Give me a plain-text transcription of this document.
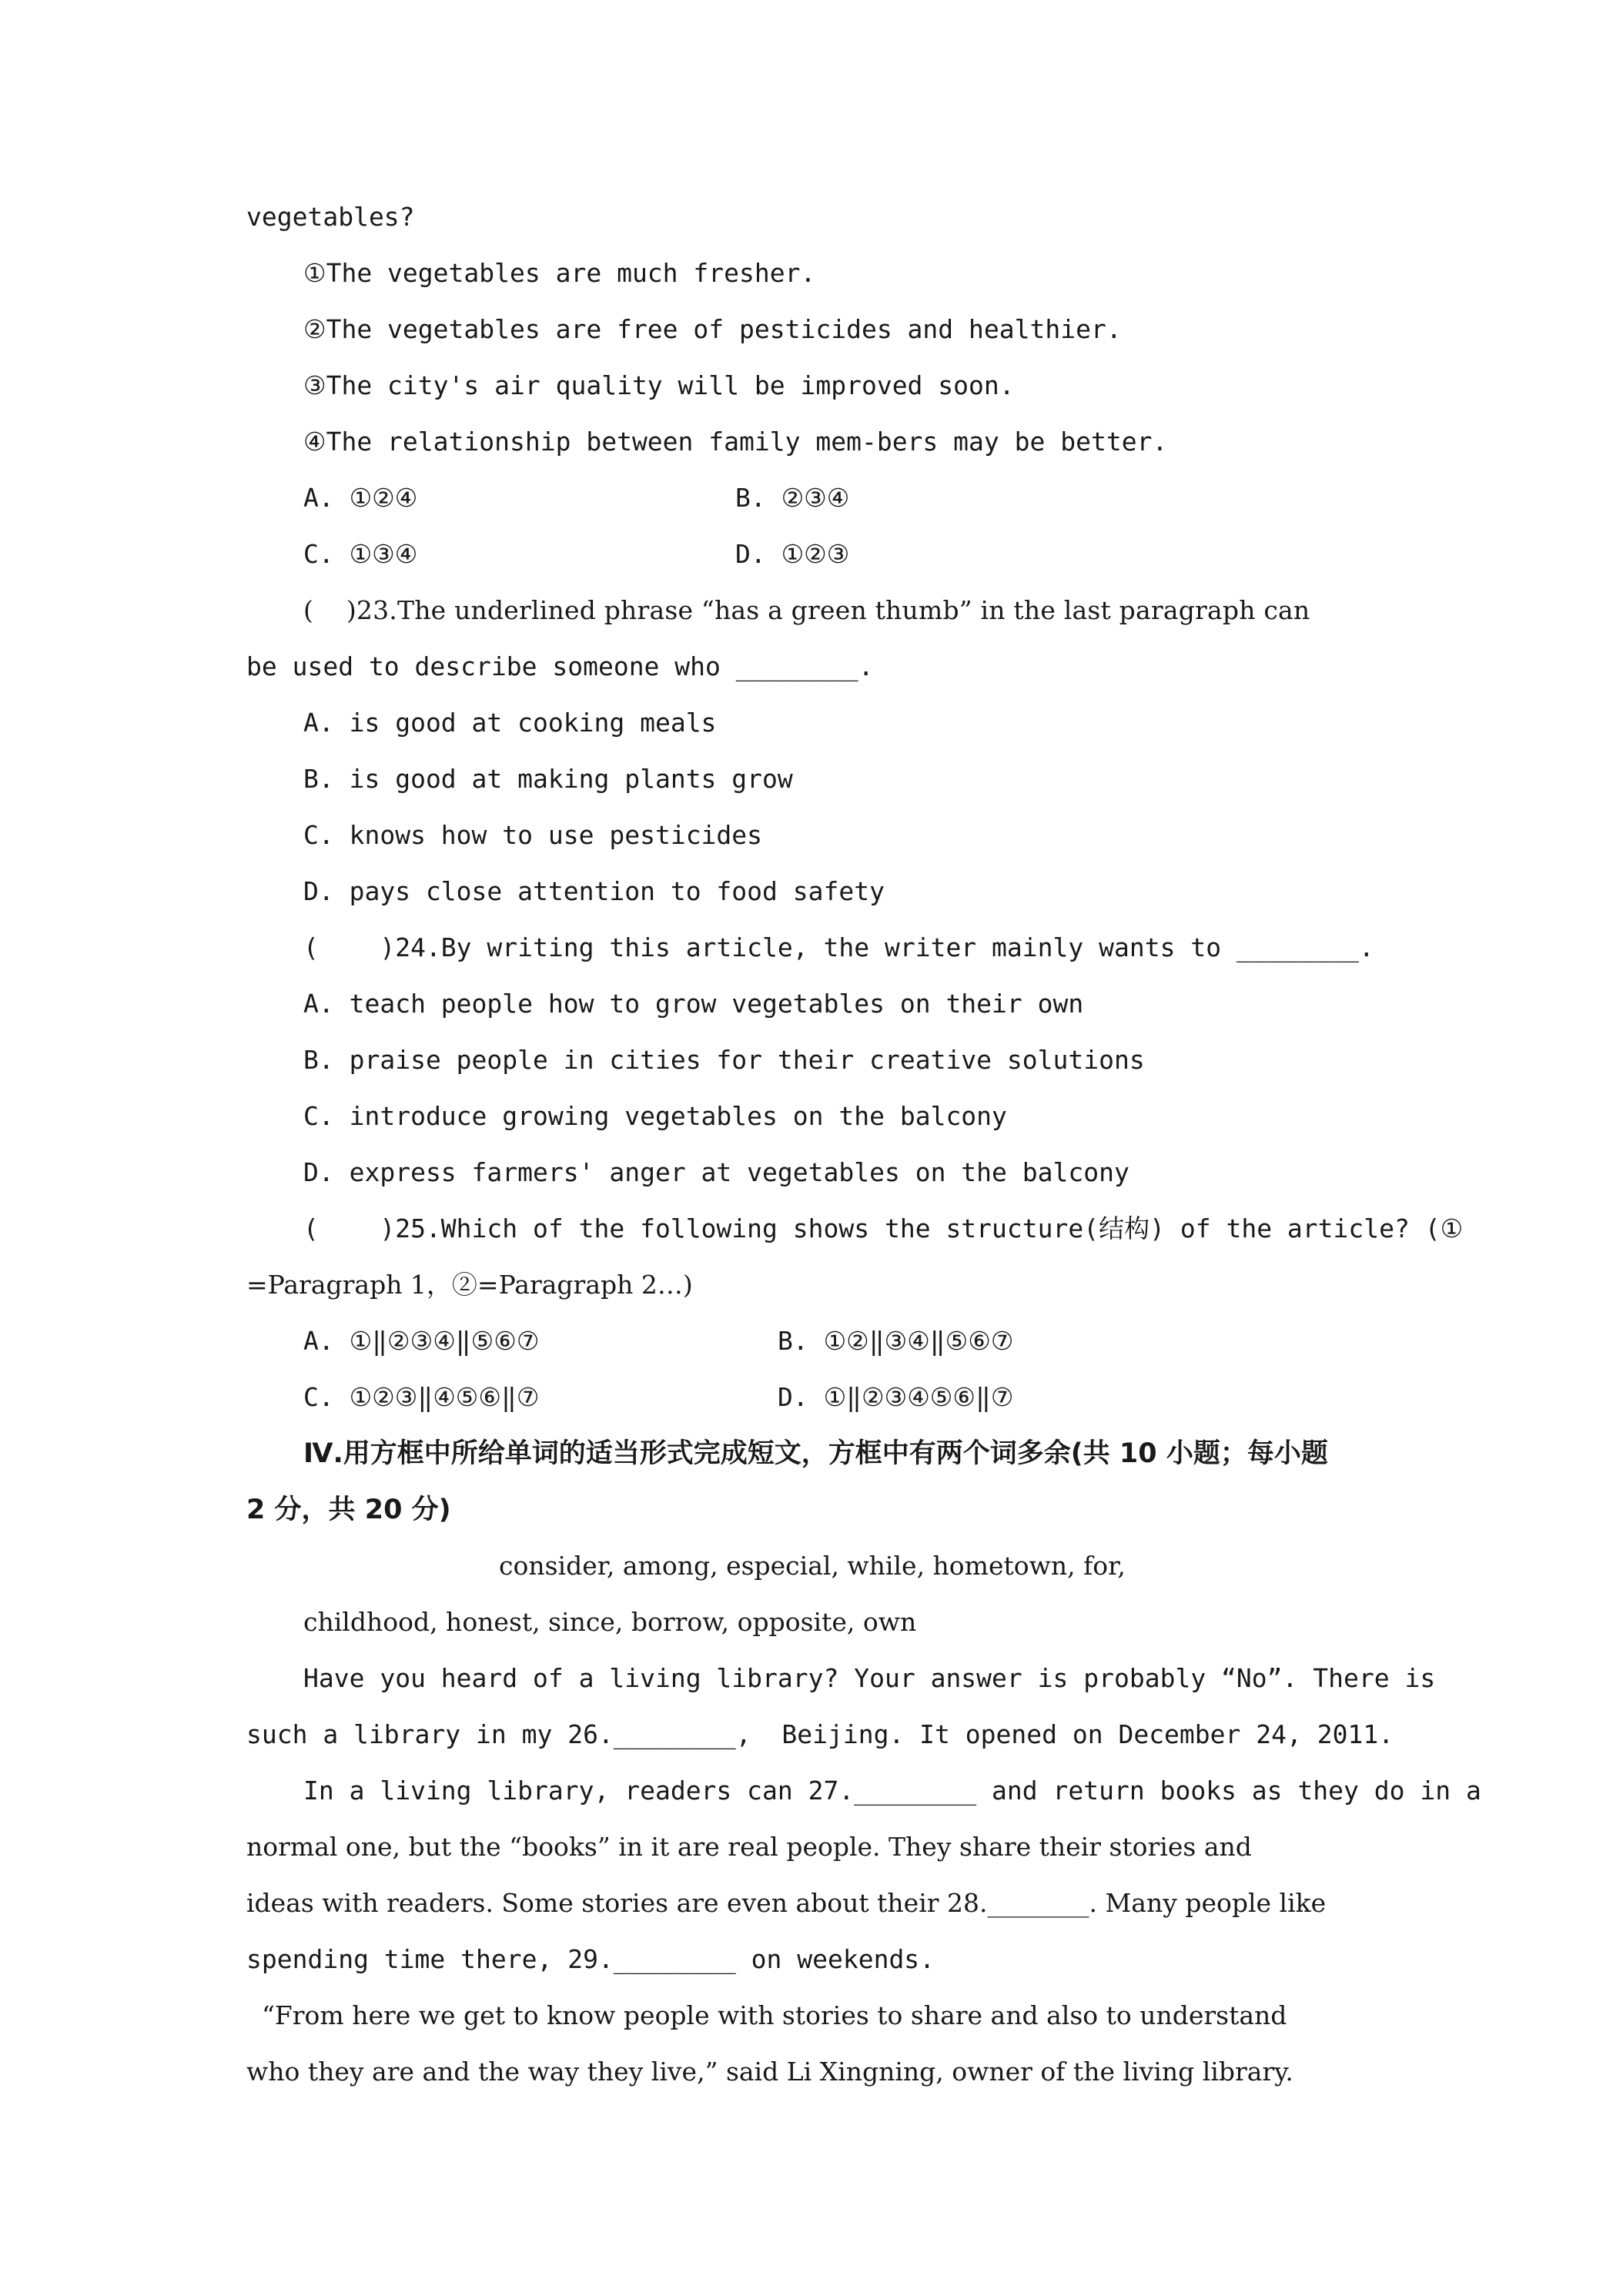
vegetables?
①The vegetables are much fresher.
②The vegetables are free of pesticides and healthier.
③The city's air quality will be improved soon.
④The relationship between family mem-bers may be better.
A. ①②④	B. ②③④
C. ①③④	D. ①②③
(    )23.The underlined phrase “has a green thumb” in the last paragraph can
be used to describe someone who ________.
A. is good at cooking meals
B. is good at making plants grow
C. knows how to use pesticides
D. pays close attention to food safety
(    )24.By writing this article, the writer mainly wants to ________.
A. teach people how to grow vegetables on their own
B. praise people in cities for their creative solutions
C. introduce growing vegetables on the balcony
D. express farmers' anger at vegetables on the balcony
(    )25.Which of the following shows the structure(结构) of the article? (①
=Paragraph 1，②=Paragraph 2…)
A. ①‖②③④‖⑤⑥⑦	B. ①②‖③④‖⑤⑥⑦
C. ①②③‖④⑤⑥‖⑦	D. ①‖②③④⑤⑥‖⑦
Ⅳ.用方框中所给单词的适当形式完成短文，方框中有两个词多余(共 10 小题；每小题
2 分，共 20 分)
consider, among, especial, while, hometown, for,
childhood, honest, since, borrow, opposite, own
Have you heard of a living library? Your answer is probably “No”. There is
such a library in my 26.________,  Beijing. It opened on December 24, 2011.
In a living library, readers can 27.________ and return books as they do in a
normal one, but the “books” in it are real people. They share their stories and
ideas with readers. Some stories are even about their 28.________. Many people like
spending time there, 29.________ on weekends.
“From here we get to know people with stories to share and also to understand
who they are and the way they live,” said Li Xingning, owner of the living library.
